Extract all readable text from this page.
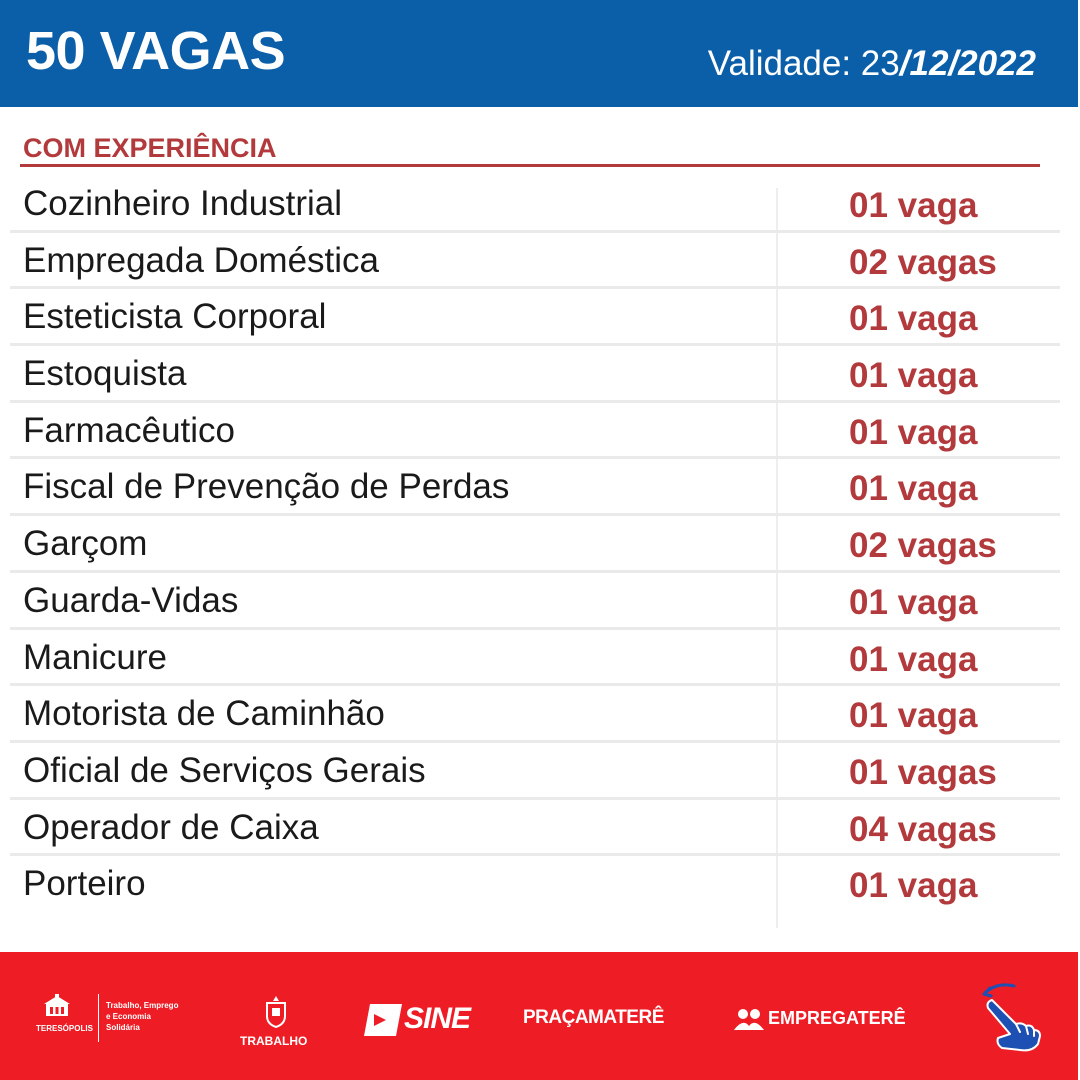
50 VAGAS	Validade: 23/12/2022
COM EXPERIÊNCIA
Cozinheiro Industrial	01 vaga
Empregada Doméstica	02 vagas
Esteticista Corporal	01 vaga
Estoquista	01 vaga
Farmacêutico	01 vaga
Fiscal de Prevenção de Perdas	01 vaga
Garçom	02 vagas
Guarda-Vidas	01 vaga
Manicure	01 vaga
Motorista de Caminhão	01 vaga
Oficial de Serviços Gerais	01 vagas
Operador de Caixa	04 vagas
Porteiro	01 vaga
TERESÓPOLIS
Trabalho, Emprego
e Economia
Solidária
TRABALHO
SINE	PRAÇAMATERÊ	EMPREGATERÊ
